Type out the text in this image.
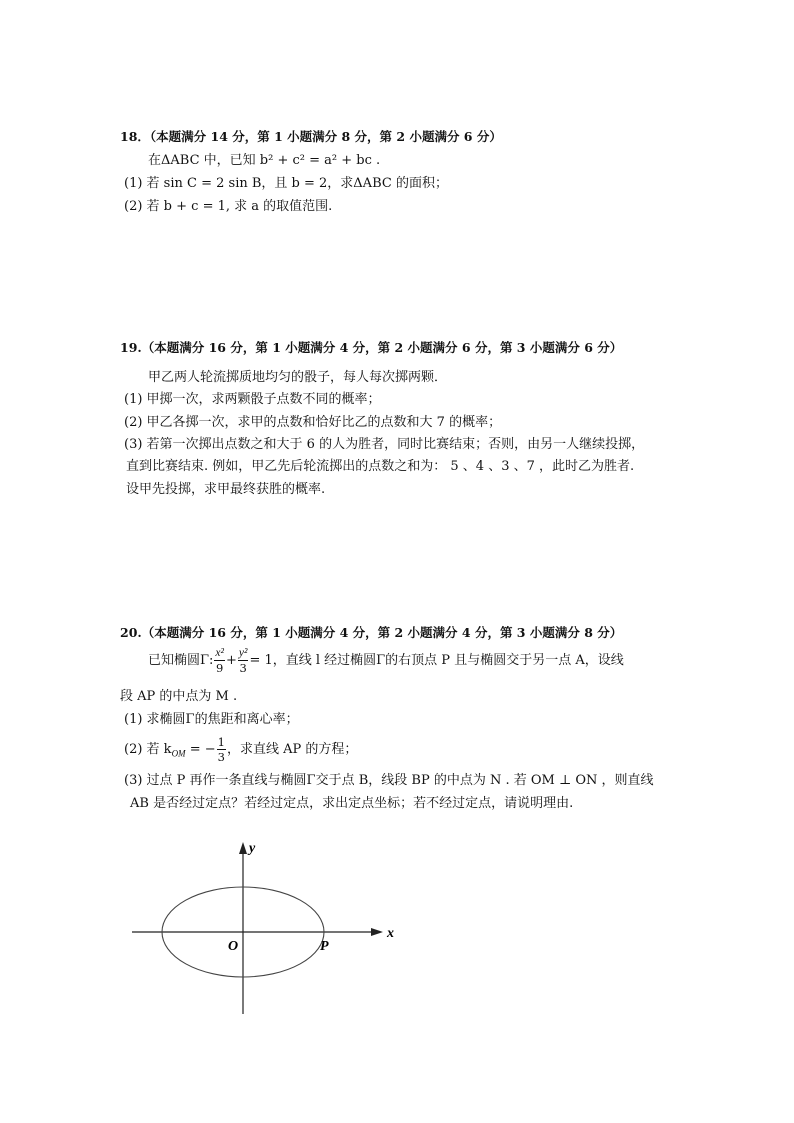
18．（本题满分 14 分，第 1 小题满分 8 分，第 2 小题满分 6 分）
在ΔABC 中，已知 b² + c² = a² + bc .
(1) 若 sin C = 2 sin B，且 b = 2，求ΔABC 的面积；
(2) 若 b + c = 1, 求 a 的取值范围.
19.（本题满分 16 分，第 1 小题满分 4 分，第 2 小题满分 6 分，第 3 小题满分 6 分）
甲乙两人轮流掷质地均匀的骰子，每人每次掷两颗．
(1) 甲掷一次，求两颗骰子点数不同的概率；
(2) 甲乙各掷一次，求甲的点数和恰好比乙的点数和大 7 的概率；
(3) 若第一次掷出点数之和大于 6 的人为胜者，同时比赛结束；否则，由另一人继续投掷，
直到比赛结束. 例如，甲乙先后轮流掷出的点数之和为： 5 、4 、3 、7 ，此时乙为胜者.
设甲先投掷，求甲最终获胜的概率.
20.（本题满分 16 分，第 1 小题满分 4 分，第 2 小题满分 4 分，第 3 小题满分 8 分）
已知椭圆Γ: $\frac{\text{x²}}{9} + \frac{\text{y²}}{3} = 1$，直线 l 经过椭圆Γ的右顶点 P 且与椭圆交于另一点 A，设线
段 AP 的中点为 M .
(1) 求椭圆Γ的焦距和离心率；
(2) 若 $k_{OM}$ = − $\frac{1}{3}$ ，求直线 AP 的方程；
(3) 过点 P 再作一条直线与椭圆Γ交于点 B，线段 BP 的中点为 N . 若 OM ⊥ ON ，则直线
AB 是否经过定点？若经过定点，求出定点坐标；若不经过定点，请说明理由.
x
y
O	P
